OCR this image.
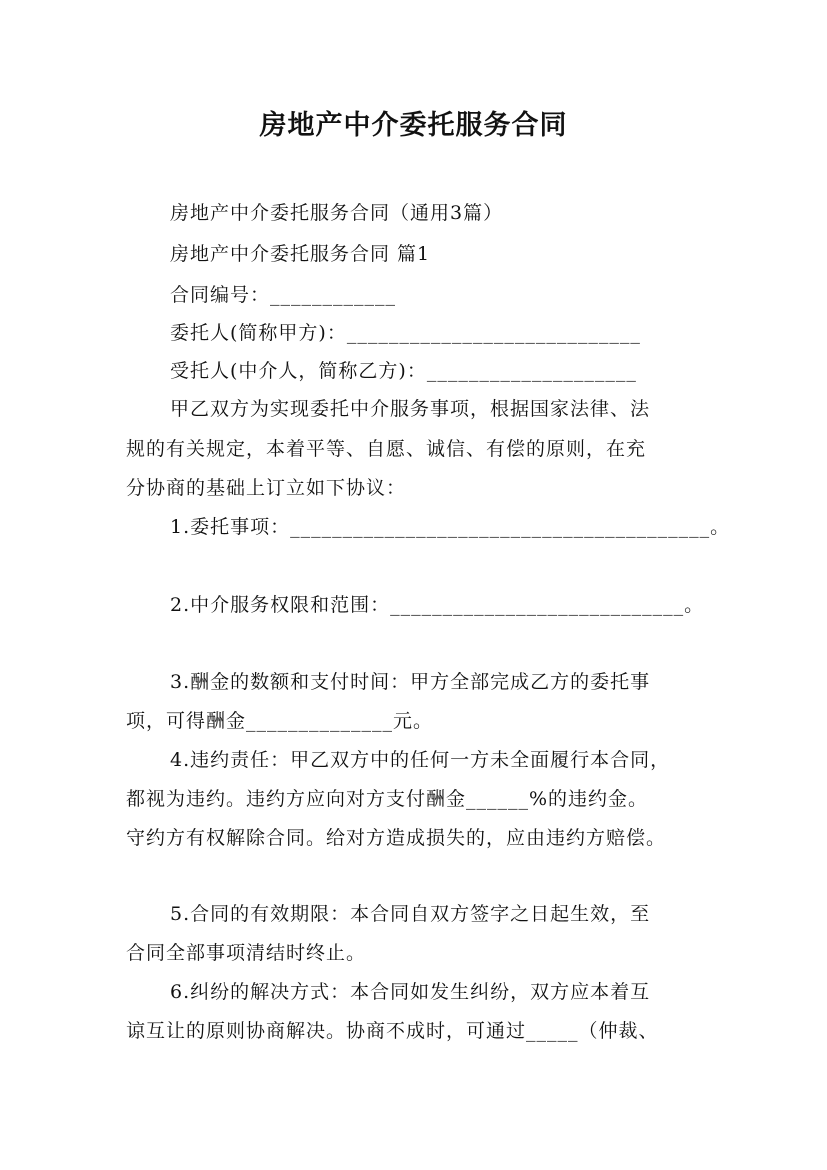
房地产中介委托服务合同
房地产中介委托服务合同（通用3篇）
房地产中介委托服务合同 篇1
合同编号：____________
委托人(简称甲方)：____________________________
受托人(中介人，简称乙方)：____________________
甲乙双方为实现委托中介服务事项，根据国家法律、法
规的有关规定，本着平等、自愿、诚信、有偿的原则，在充
分协商的基础上订立如下协议：
1.委托事项：________________________________________。
2.中介服务权限和范围：____________________________。
3.酬金的数额和支付时间：甲方全部完成乙方的委托事
项，可得酬金______________元。
4.违约责任：甲乙双方中的任何一方未全面履行本合同，
都视为违约。违约方应向对方支付酬金______%的违约金。
守约方有权解除合同。给对方造成损失的，应由违约方赔偿。
5.合同的有效期限：本合同自双方签字之日起生效，至
合同全部事项清结时终止。
6.纠纷的解决方式：本合同如发生纠纷，双方应本着互
谅互让的原则协商解决。协商不成时，可通过_____（仲裁、
